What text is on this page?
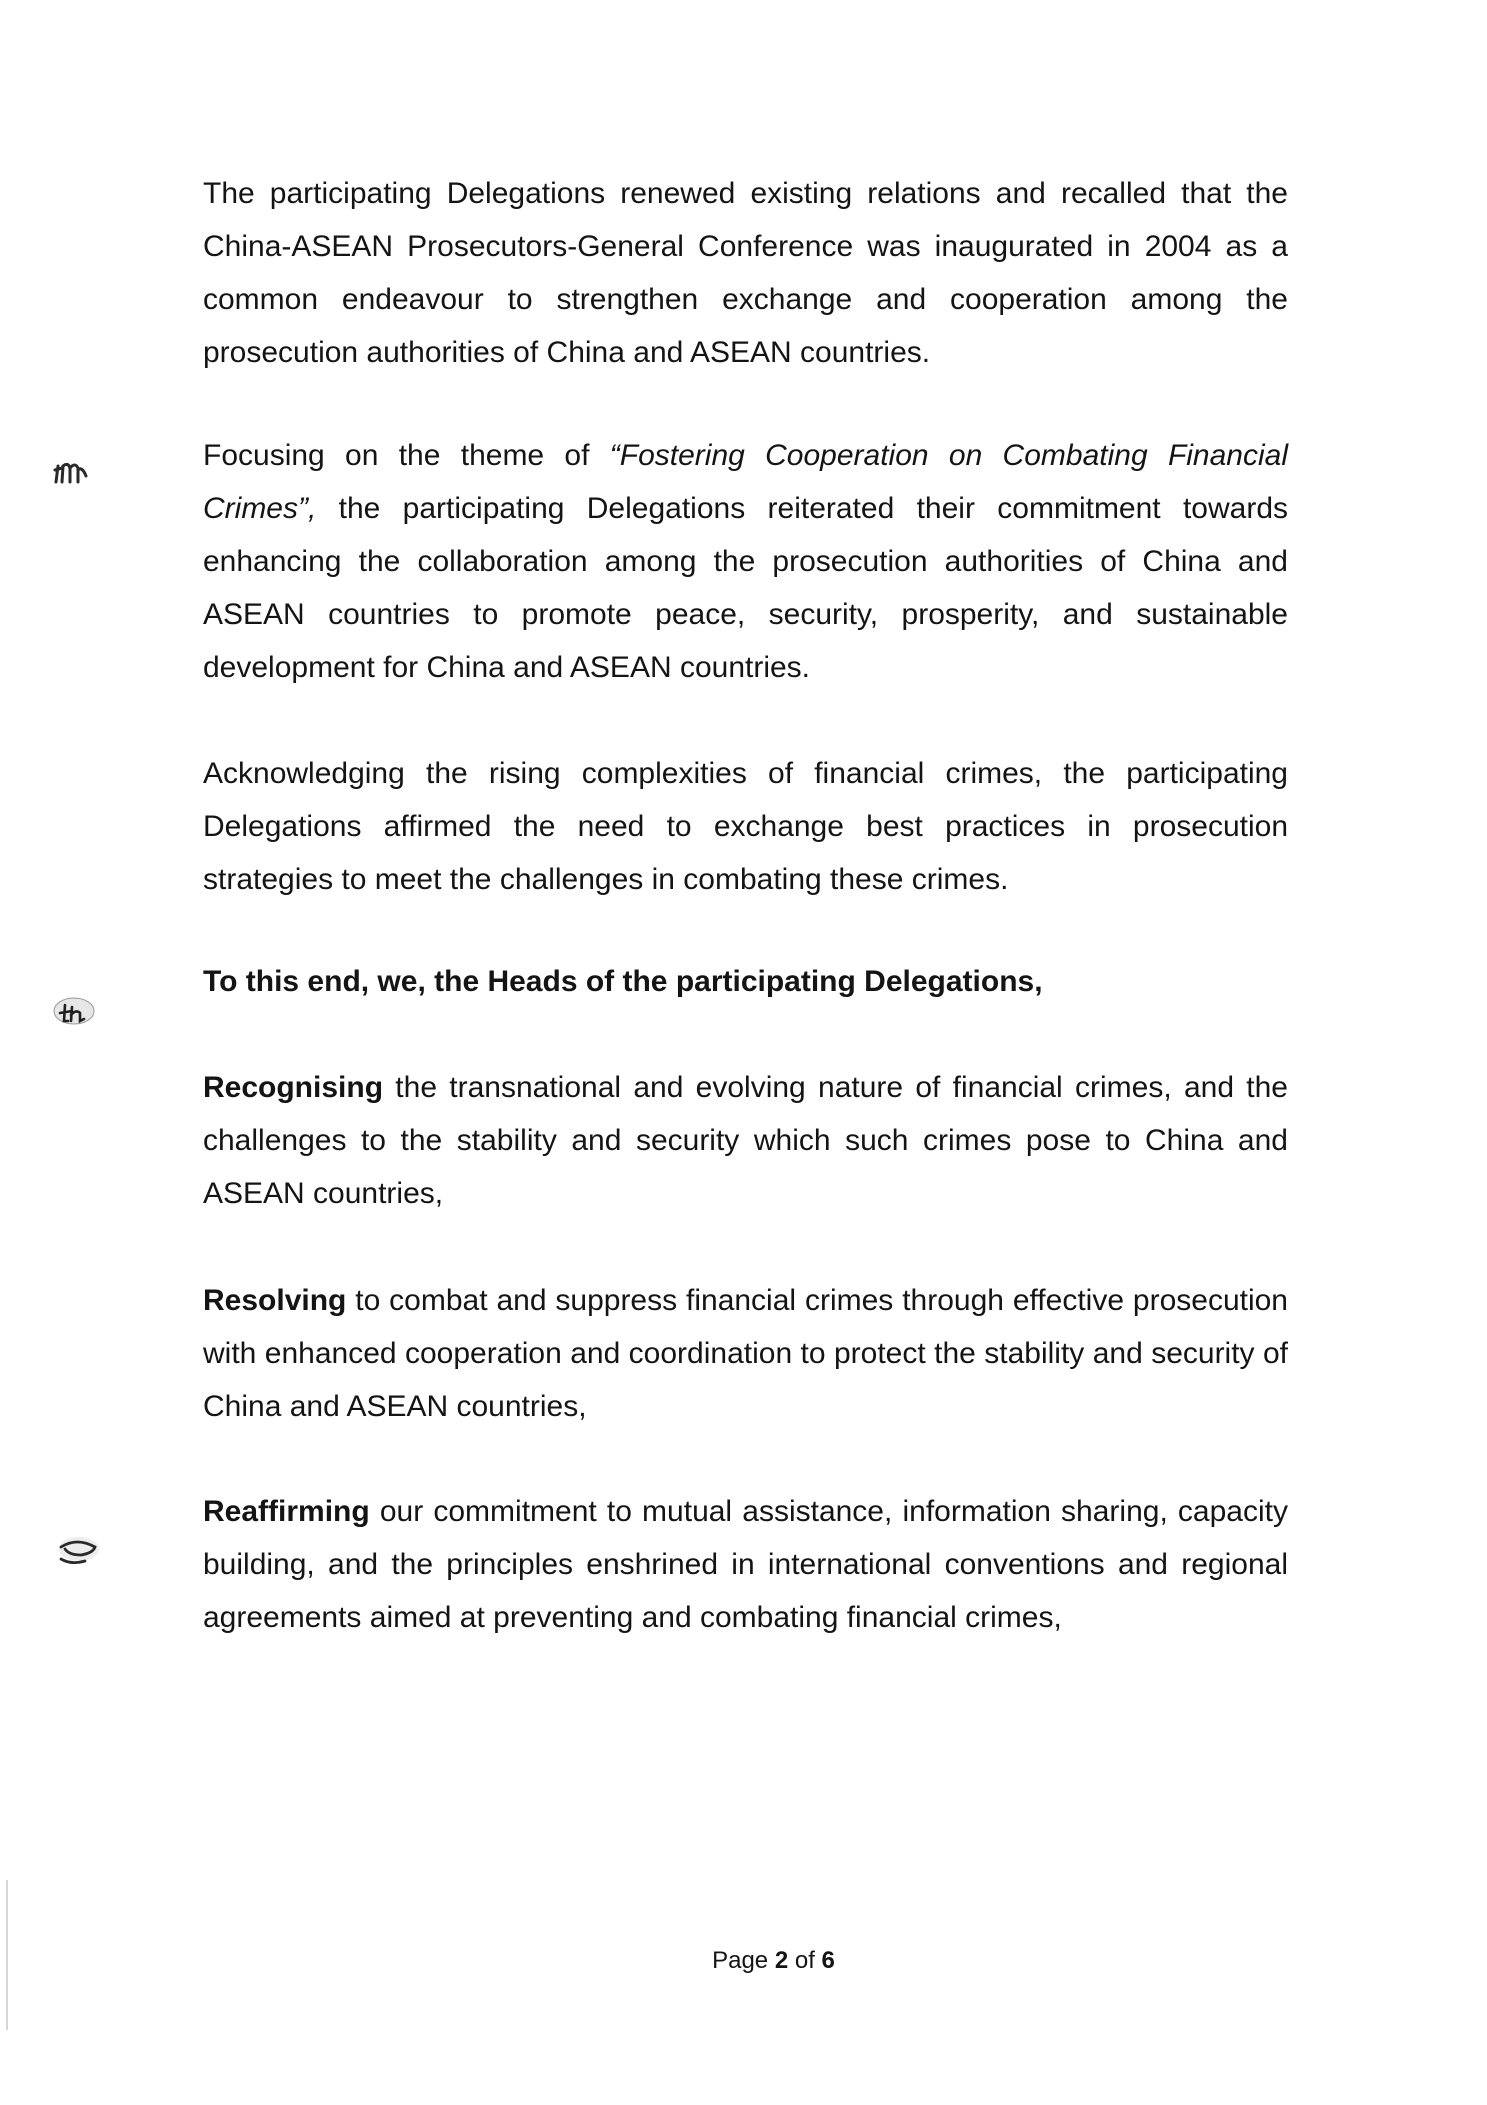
The participating Delegations renewed existing relations and recalled that the China-ASEAN Prosecutors-General Conference was inaugurated in 2004 as a common endeavour to strengthen exchange and cooperation among the prosecution authorities of China and ASEAN countries.

Focusing on the theme of “Fostering Cooperation on Combating Financial Crimes”, the participating Delegations reiterated their commitment towards enhancing the collaboration among the prosecution authorities of China and ASEAN countries to promote peace, security, prosperity, and sustainable development for China and ASEAN countries.

Acknowledging the rising complexities of financial crimes, the participating Delegations affirmed the need to exchange best practices in prosecution strategies to meet the challenges in combating these crimes.

To this end, we, the Heads of the participating Delegations,

Recognising the transnational and evolving nature of financial crimes, and the challenges to the stability and security which such crimes pose to China and ASEAN countries,

Resolving to combat and suppress financial crimes through effective prosecution with enhanced cooperation and coordination to protect the stability and security of China and ASEAN countries,

Reaffirming our commitment to mutual assistance, information sharing, capacity building, and the principles enshrined in international conventions and regional agreements aimed at preventing and combating financial crimes,

Page 2 of 6
